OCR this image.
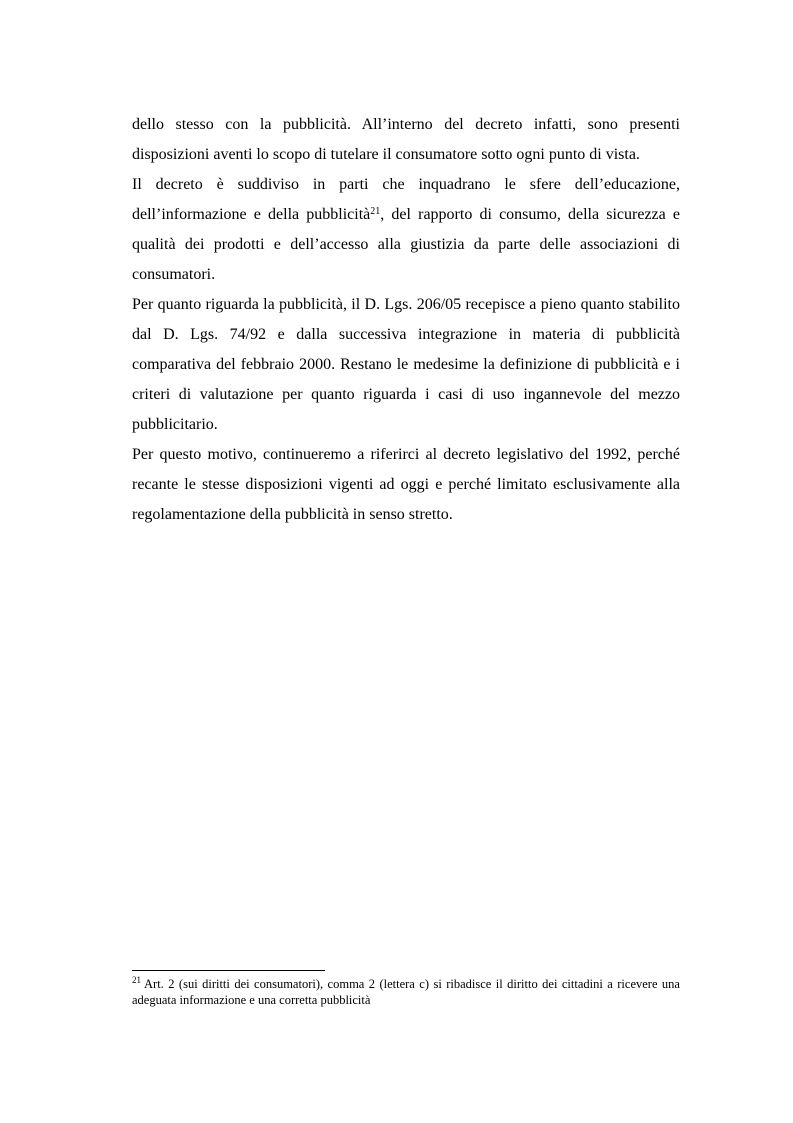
dello stesso con la pubblicità. All’interno del decreto infatti, sono presenti disposizioni aventi lo scopo di tutelare il consumatore sotto ogni punto di vista.

Il decreto è suddiviso in parti che inquadrano le sfere dell’educazione, dell’informazione e della pubblicità$^{21}$, del rapporto di consumo, della sicurezza e qualità dei prodotti e dell’accesso alla giustizia da parte delle associazioni di consumatori.

Per quanto riguarda la pubblicità, il D. Lgs. 206/05 recepisce a pieno quanto stabilito dal D. Lgs. 74/92 e dalla successiva integrazione in materia di pubblicità comparativa del febbraio 2000. Restano le medesime la definizione di pubblicità e i criteri di valutazione per quanto riguarda i casi di uso ingannevole del mezzo pubblicitario.

Per questo motivo, continueremo a riferirci al decreto legislativo del 1992, perché recante le stesse disposizioni vigenti ad oggi e perché limitato esclusivamente alla regolamentazione della pubblicità in senso stretto.

$^{21}$ Art. 2 (sui diritti dei consumatori), comma 2 (lettera c) si ribadisce il diritto dei cittadini a ricevere una adeguata informazione e una corretta pubblicità
